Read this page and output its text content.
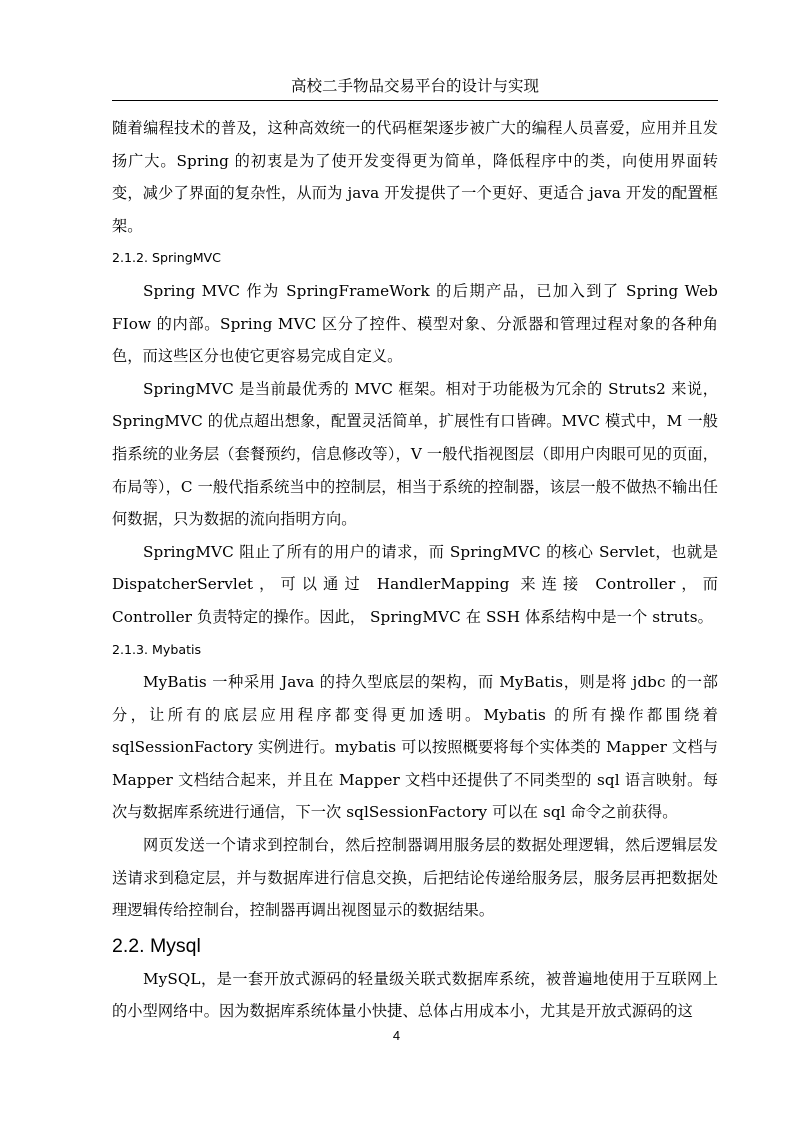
高校二手物品交易平台的设计与实现

随着编程技术的普及，这种高效统一的代码框架逐步被广大的编程人员喜爱，应用并且发扬广大。Spring 的初衷是为了使开发变得更为简单，降低程序中的类，向使用界面转变，减少了界面的复杂性，从而为 java 开发提供了一个更好、更适合 java 开发的配置框架。

2.1.2. SpringMVC

Spring MVC 作为 SpringFrameWork 的后期产品，已加入到了 Spring Web FIow 的内部。Spring MVC 区分了控件、模型对象、分派器和管理过程对象的各种角色，而这些区分也使它更容易完成自定义。

SpringMVC 是当前最优秀的 MVC 框架。相对于功能极为冗余的 Struts2 来说，SpringMVC 的优点超出想象，配置灵活简单，扩展性有口皆碑。MVC 模式中，M 一般指系统的业务层（套餐预约，信息修改等），V 一般代指视图层（即用户肉眼可见的页面，布局等），C 一般代指系统当中的控制层，相当于系统的控制器，该层一般不做热不输出任何数据，只为数据的流向指明方向。

SpringMVC 阻止了所有的用户的请求，而 SpringMVC 的核心 Servlet，也就是 DispatcherServlet，可以通过 HandlerMapping 来连接 Controller，而 Controller 负责特定的操作。因此， SpringMVC 在 SSH 体系结构中是一个 struts。

2.1.3. Mybatis

MyBatis 一种采用 Java 的持久型底层的架构，而 MyBatis，则是将 jdbc 的一部分，让所有的底层应用程序都变得更加透明。Mybatis 的所有操作都围绕着 sqlSessionFactory 实例进行。mybatis 可以按照概要将每个实体类的 Mapper 文档与 Mapper 文档结合起来，并且在 Mapper 文档中还提供了不同类型的 sql 语言映射。每次与数据库系统进行通信，下一次 sqlSessionFactory 可以在 sql 命令之前获得。

网页发送一个请求到控制台，然后控制器调用服务层的数据处理逻辑，然后逻辑层发送请求到稳定层，并与数据库进行信息交换，后把结论传递给服务层，服务层再把数据处理逻辑传给控制台，控制器再调出视图显示的数据结果。

2.2. Mysql

MySQL，是一套开放式源码的轻量级关联式数据库系统，被普遍地使用于互联网上的小型网络中。因为数据库系统体量小快捷、总体占用成本小，尤其是开放式源码的这

4
